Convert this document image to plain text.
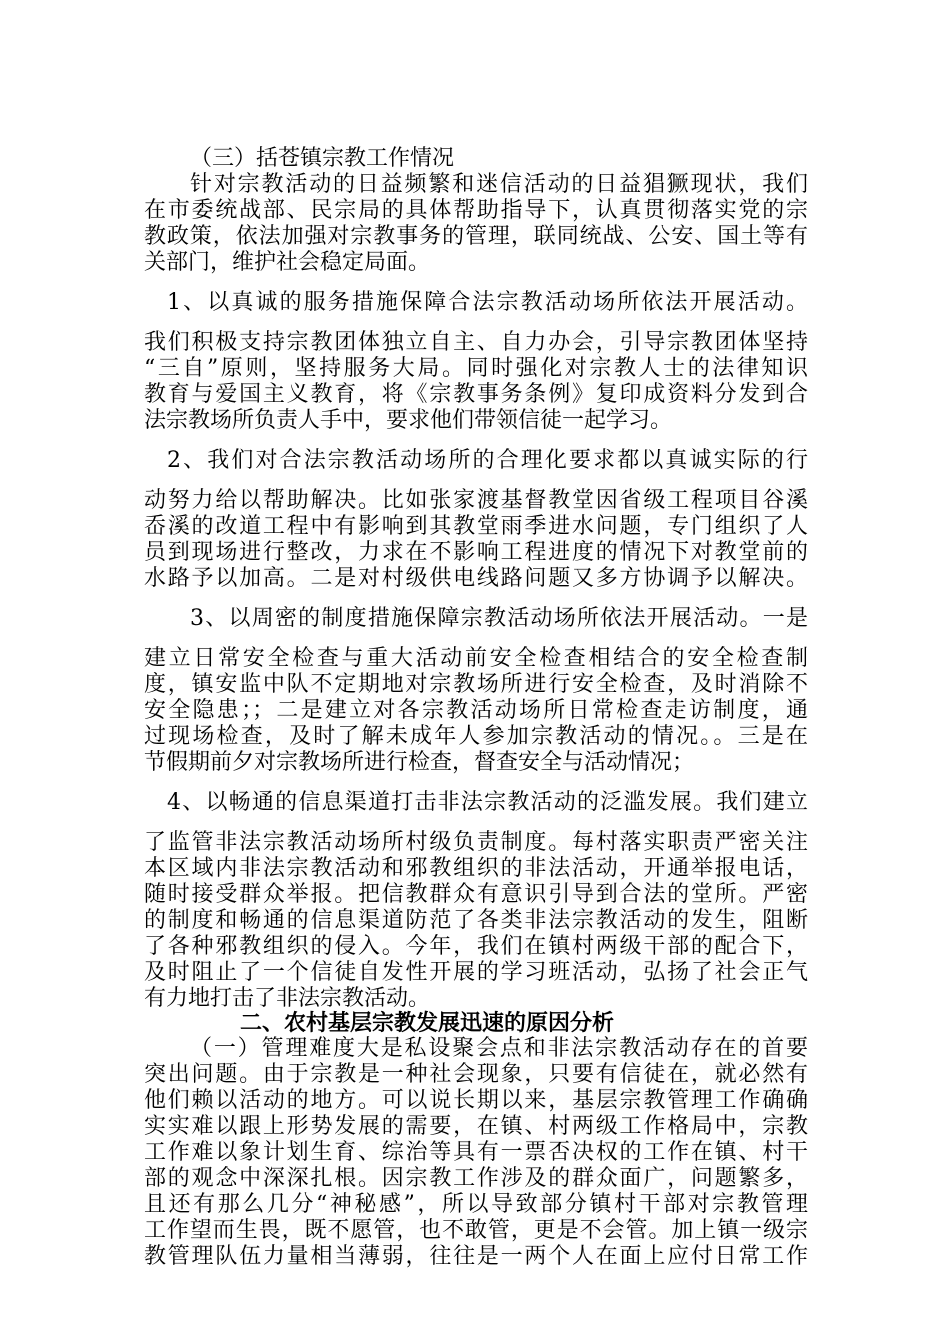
（三）括苍镇宗教工作情况
针对宗教活动的日益频繁和迷信活动的日益猖獗现状，我们
在市委统战部、民宗局的具体帮助指导下，认真贯彻落实党的宗
教政策，依法加强对宗教事务的管理，联同统战、公安、国土等有
关部门，维护社会稳定局面。
1、以真诚的服务措施保障合法宗教活动场所依法开展活动。
我们积极支持宗教团体独立自主、自力办会，引导宗教团体坚持
“三自”原则，坚持服务大局。同时强化对宗教人士的法律知识
教育与爱国主义教育，将《宗教事务条例》复印成资料分发到合
法宗教场所负责人手中，要求他们带领信徒一起学习。
2、我们对合法宗教活动场所的合理化要求都以真诚实际的行
动努力给以帮助解决。比如张家渡基督教堂因省级工程项目谷溪
岙溪的改道工程中有影响到其教堂雨季进水问题，专门组织了人
员到现场进行整改，力求在不影响工程进度的情况下对教堂前的
水路予以加高。二是对村级供电线路问题又多方协调予以解决。
3、以周密的制度措施保障宗教活动场所依法开展活动。一是
建立日常安全检查与重大活动前安全检查相结合的安全检查制
度，镇安监中队不定期地对宗教场所进行安全检查，及时消除不
安全隐患；；二是建立对各宗教活动场所日常检查走访制度，通
过现场检查，及时了解未成年人参加宗教活动的情况。。三是在
节假期前夕对宗教场所进行检查，督查安全与活动情况；
4、以畅通的信息渠道打击非法宗教活动的泛滥发展。我们建立
了监管非法宗教活动场所村级负责制度。每村落实职责严密关注
本区域内非法宗教活动和邪教组织的非法活动，开通举报电话，
随时接受群众举报。把信教群众有意识引导到合法的堂所。严密
的制度和畅通的信息渠道防范了各类非法宗教活动的发生，阻断
了各种邪教组织的侵入。今年，我们在镇村两级干部的配合下，
及时阻止了一个信徒自发性开展的学习班活动，弘扬了社会正气
有力地打击了非法宗教活动。
二、农村基层宗教发展迅速的原因分析
（一）管理难度大是私设聚会点和非法宗教活动存在的首要
突出问题。由于宗教是一种社会现象，只要有信徒在，就必然有
他们赖以活动的地方。可以说长期以来，基层宗教管理工作确确
实实难以跟上形势发展的需要，在镇、村两级工作格局中，宗教
工作难以象计划生育、综治等具有一票否决权的工作在镇、村干
部的观念中深深扎根。因宗教工作涉及的群众面广，问题繁多，
且还有那么几分“神秘感”，所以导致部分镇村干部对宗教管理
工作望而生畏，既不愿管，也不敢管，更是不会管。加上镇一级宗
教管理队伍力量相当薄弱，往往是一两个人在面上应付日常工作
